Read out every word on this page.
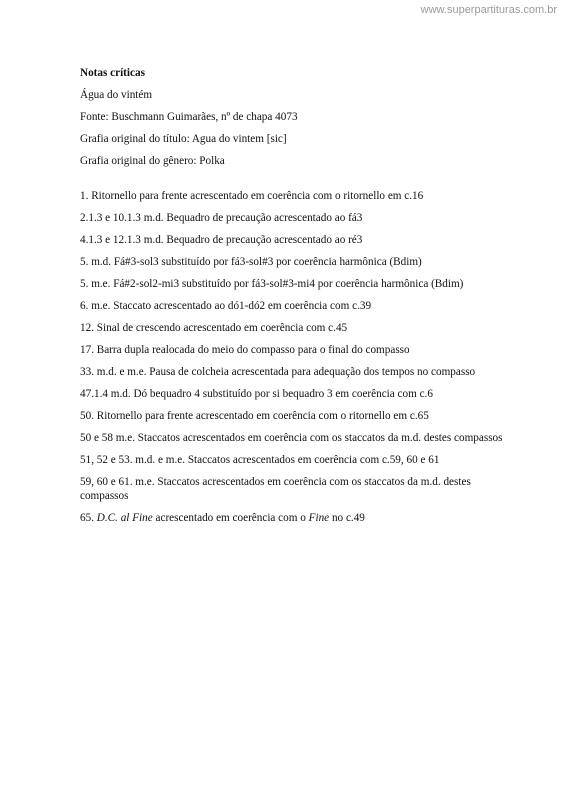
www.superpartituras.com.br
Notas críticas
Água do vintém
Fonte: Buschmann Guimarães, nº de chapa 4073
Grafia original do título: Agua do vintem [sic]
Grafia original do gênero: Polka
1. Ritornello para frente acrescentado em coerência com o ritornello em c.16
2.1.3 e 10.1.3 m.d. Bequadro de precaução acrescentado ao fá3
4.1.3 e 12.1.3 m.d. Bequadro de precaução acrescentado ao ré3
5. m.d. Fá#3-sol3 substituído por fá3-sol#3 por coerência harmônica (Bdim)
5. m.e. Fá#2-sol2-mi3 substituído por fá3-sol#3-mi4 por coerência harmônica (Bdim)
6. m.e. Staccato acrescentado ao dó1-dó2 em coerência com c.39
12. Sinal de crescendo acrescentado em coerência com c.45
17. Barra dupla realocada do meio do compasso para o final do compasso
33. m.d. e m.e. Pausa de colcheia acrescentada para adequação dos tempos no compasso
47.1.4 m.d. Dó bequadro 4 substituído por si bequadro 3 em coerência com c.6
50. Ritornello para frente acrescentado em coerência com o ritornello em c.65
50 e 58 m.e. Staccatos acrescentados em coerência com os staccatos da m.d. destes compassos
51, 52 e 53. m.d. e m.e. Staccatos acrescentados em coerência com c.59, 60 e 61
59, 60 e 61. m.e. Staccatos acrescentados em coerência com os staccatos da m.d. destes compassos
65. D.C. al Fine acrescentado em coerência com o Fine no c.49
